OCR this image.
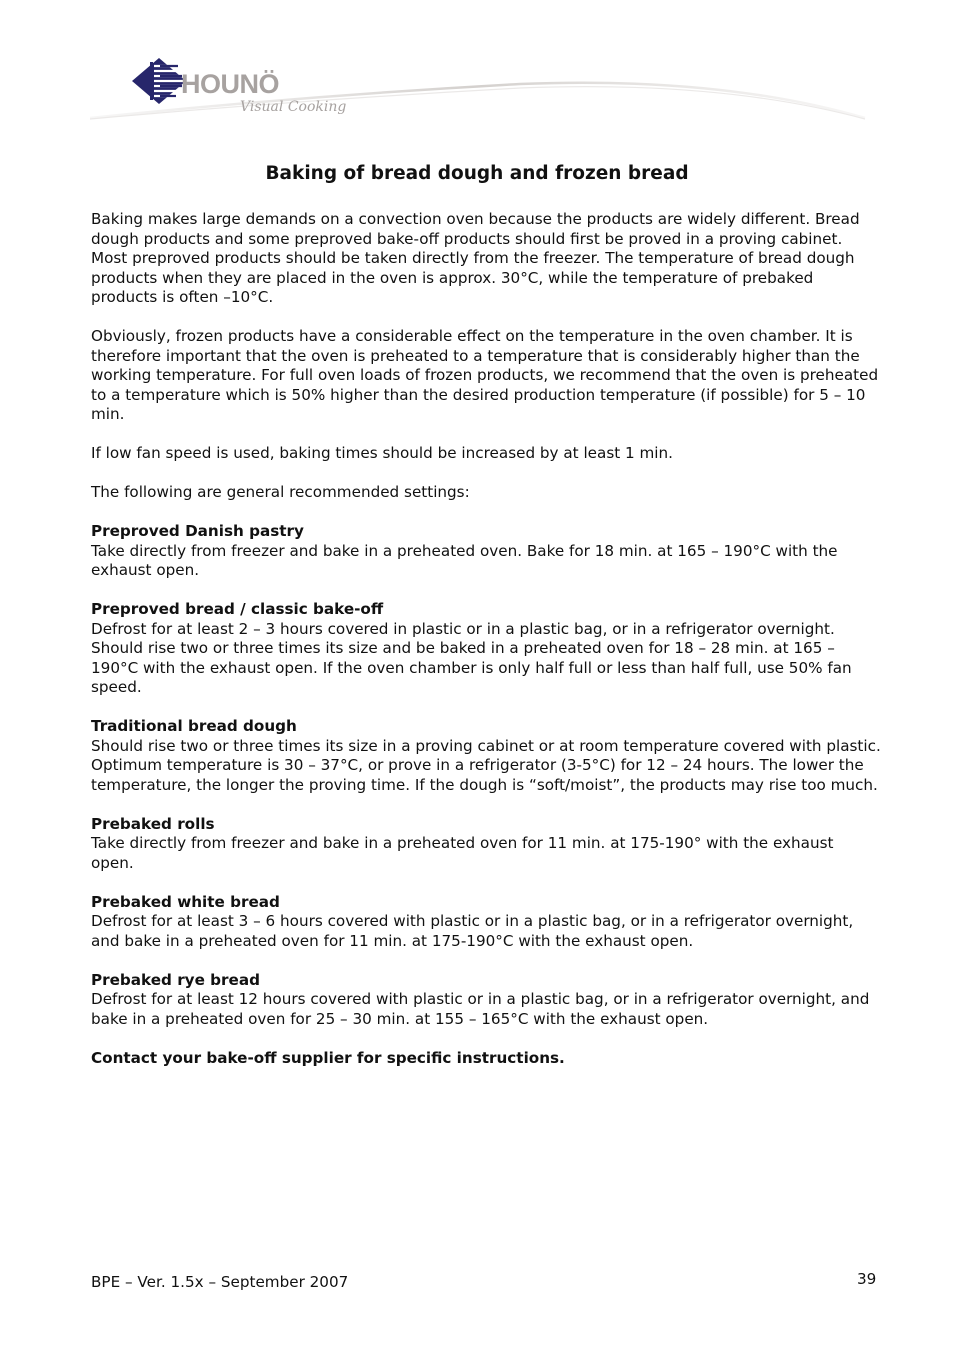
HOUNÖ
Visual Cooking
Baking of bread dough and frozen bread

Baking makes large demands on a convection oven because the products are widely different. Bread dough products and some preproved bake-off products should first be proved in a proving cabinet. Most preproved products should be taken directly from the freezer. The temperature of bread dough products when they are placed in the oven is approx. 30°C, while the temperature of prebaked products is often –10°C.

Obviously, frozen products have a considerable effect on the temperature in the oven chamber. It is therefore important that the oven is preheated to a temperature that is considerably higher than the working temperature. For full oven loads of frozen products, we recommend that the oven is preheated to a temperature which is 50% higher than the desired production temperature (if possible) for 5 – 10 min.

If low fan speed is used, baking times should be increased by at least 1 min.

The following are general recommended settings:

Preproved Danish pastry
Take directly from freezer and bake in a preheated oven. Bake for 18 min. at 165 – 190°C with the exhaust open.

Preproved bread / classic bake-off
Defrost for at least 2 – 3 hours covered in plastic or in a plastic bag, or in a refrigerator overnight. Should rise two or three times its size and be baked in a preheated oven for 18 – 28 min. at 165 – 190°C with the exhaust open. If the oven chamber is only half full or less than half full, use 50% fan speed.

Traditional bread dough
Should rise two or three times its size in a proving cabinet or at room temperature covered with plastic. Optimum temperature is 30 – 37°C, or prove in a refrigerator (3-5°C) for 12 – 24 hours. The lower the temperature, the longer the proving time. If the dough is “soft/moist”, the products may rise too much.

Prebaked rolls
Take directly from freezer and bake in a preheated oven for 11 min. at 175-190° with the exhaust open.

Prebaked white bread
Defrost for at least 3 – 6 hours covered with plastic or in a plastic bag, or in a refrigerator overnight, and bake in a preheated oven for 11 min. at 175-190°C with the exhaust open.

Prebaked rye bread
Defrost for at least 12 hours covered with plastic or in a plastic bag, or in a refrigerator overnight, and bake in a preheated oven for 25 – 30 min. at 155 – 165°C with the exhaust open.

Contact your bake-off supplier for specific instructions.

BPE – Ver. 1.5x – September 2007	39
